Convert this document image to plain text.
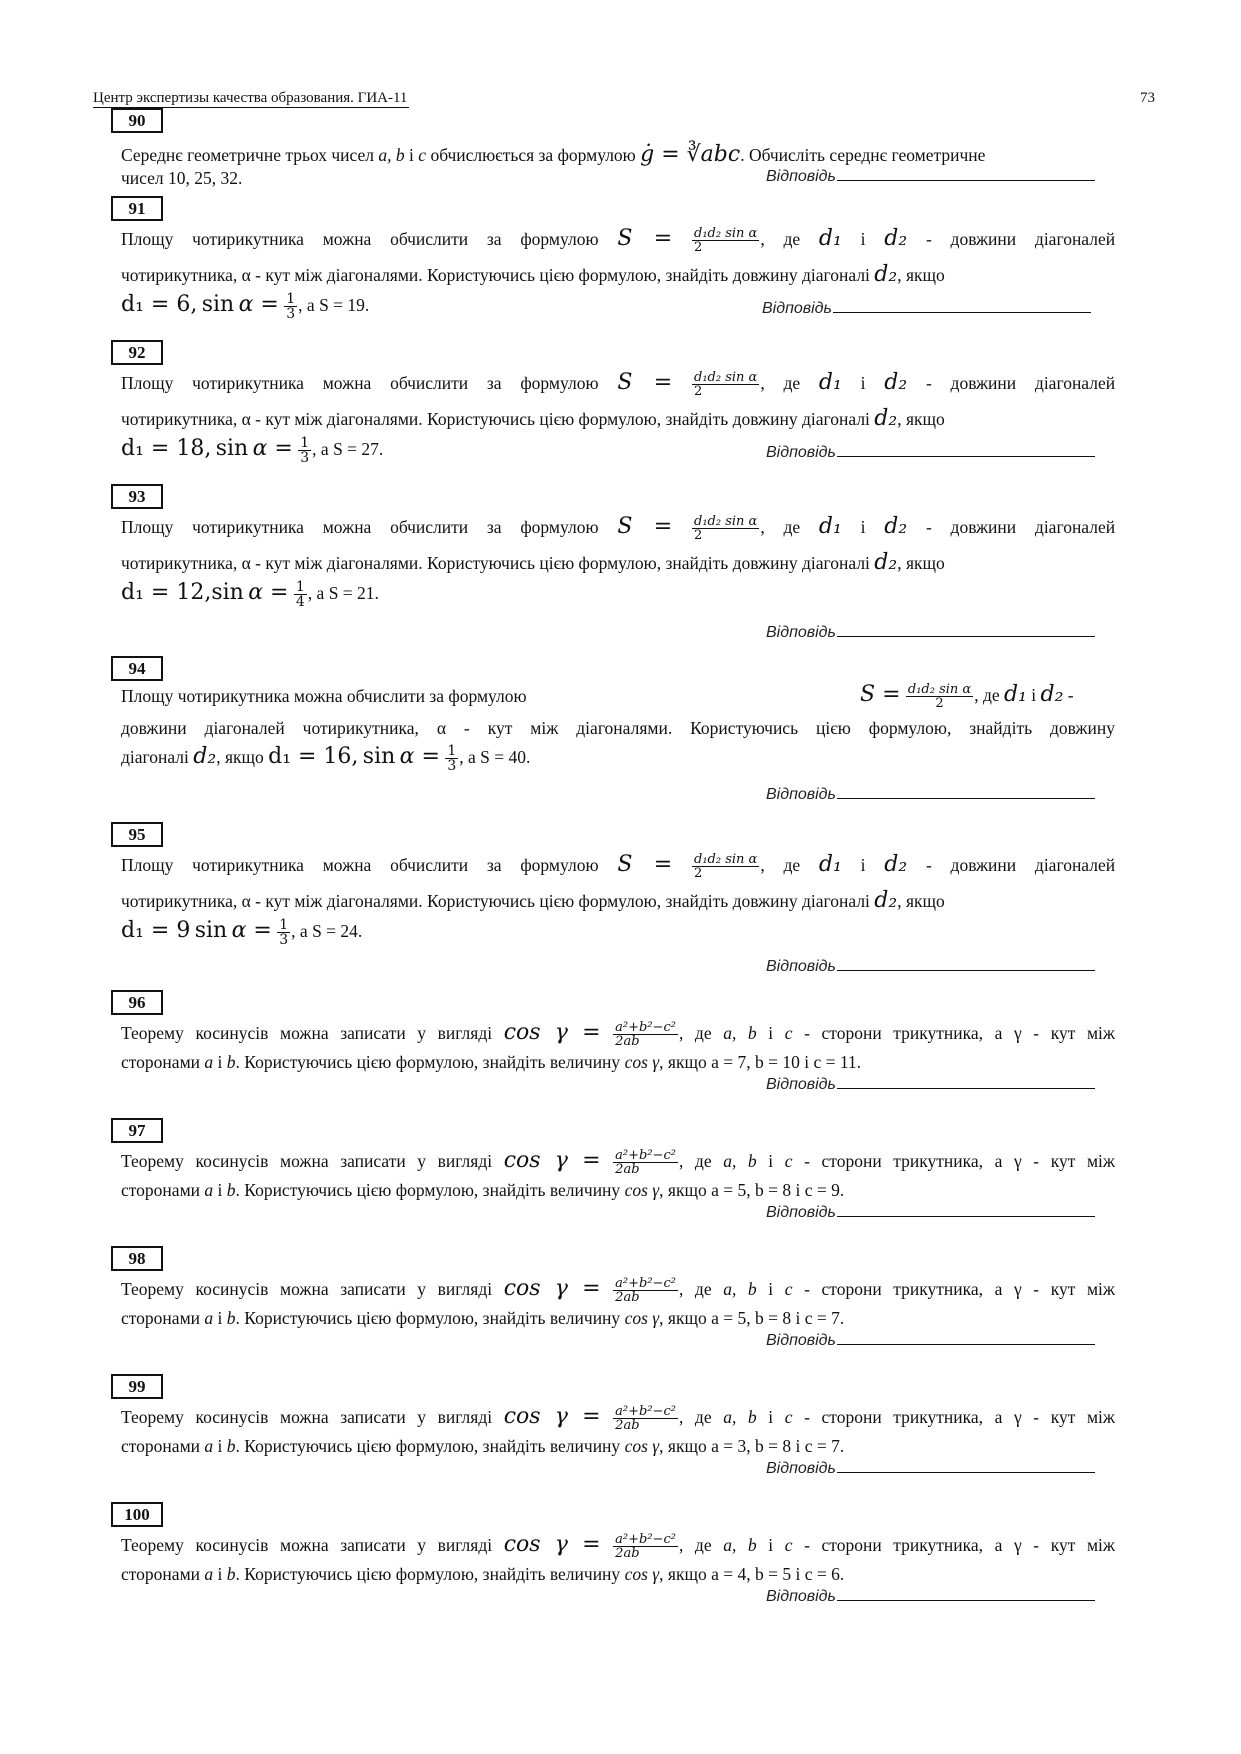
Центр экспертизы качества образования. ГИА-11	73
90
Середнє геометричне трьох чисел a, b і c обчислюється за формулою ġ = ∛abc. Обчисліть середнє геометричне
чисел 10, 25, 32.	Відповідь
91
Площу чотирикутника можна обчислити за формулою $S = \frac{\text{d₁d₂ sin α}}{2}$ , де d₁ і d₂ - довжини діагоналей
чотирикутника, α - кут між діагоналями. Користуючись цією формулою, знайдіть довжину діагоналі d₂, якщо
d₁ = 6, $\sin \alpha = \frac{1}{3}$ , а S = 19.	Відповідь
92
Площу чотирикутника можна обчислити за формулою $S = \frac{\text{d₁d₂ sin α}}{2}$ , де d₁ і d₂ - довжини діагоналей
чотирикутника, α - кут між діагоналями. Користуючись цією формулою, знайдіть довжину діагоналі d₂, якщо
d₁ = 18, $\sin \alpha = \frac{1}{3}$ , а S = 27.	Відповідь
93
Площу чотирикутника можна обчислити за формулою $S = \frac{\text{d₁d₂ sin α}}{2}$ , де d₁ і d₂ - довжини діагоналей
чотирикутника, α - кут між діагоналями. Користуючись цією формулою, знайдіть довжину діагоналі d₂, якщо
d₁ = 12,sin $\alpha = \frac{1}{4}$ , а S = 21.
Відповідь
94
Площу чотирикутника можна обчислити за формулою	$S = \frac{\text{d₁d₂ sin α}}{2}$ , де d₁ і d₂ -
довжини діагоналей чотирикутника, α - кут між діагоналями. Користуючись цією формулою, знайдіть довжину
діагоналі d₂, якщо d₁ = 16, $\sin \alpha = \frac{1}{3}$ , а S = 40.
Відповідь
95
Площу чотирикутника можна обчислити за формулою $S = \frac{\text{d₁d₂ sin α}}{2}$ , де d₁ і d₂ - довжини діагоналей
чотирикутника, α - кут між діагоналями. Користуючись цією формулою, знайдіть довжину діагоналі d₂, якщо
d₁ = 9 $\sin \alpha = \frac{1}{3}$ , а S = 24.
Відповідь
96
Теорему косинусів можна записати у вигляді $\cos \gamma = \frac{\text{a²+b²−c²}}{2ab}$ , де a, b і c - сторони трикутника, а γ - кут між
сторонами a і b. Користуючись цією формулою, знайдіть величину cos γ, якщо a = 7, b = 10 і c = 11.
Відповідь
97
Теорему косинусів можна записати у вигляді $\cos \gamma = \frac{\text{a²+b²−c²}}{2ab}$ , де a, b і c - сторони трикутника, а γ - кут між
сторонами a і b. Користуючись цією формулою, знайдіть величину cos γ, якщо a = 5, b = 8 і c = 9.
Відповідь
98
Теорему косинусів можна записати у вигляді $\cos \gamma = \frac{\text{a²+b²−c²}}{2ab}$ , де a, b і c - сторони трикутника, а γ - кут між
сторонами a і b. Користуючись цією формулою, знайдіть величину cos γ, якщо a = 5, b = 8 і c = 7.
Відповідь
99
Теорему косинусів можна записати у вигляді $\cos \gamma = \frac{\text{a²+b²−c²}}{2ab}$ , де a, b і c - сторони трикутника, а γ - кут між
сторонами a і b. Користуючись цією формулою, знайдіть величину cos γ, якщо a = 3, b = 8 і c = 7.
Відповідь
100
Теорему косинусів можна записати у вигляді $\cos \gamma = \frac{\text{a²+b²−c²}}{2ab}$ , де a, b і c - сторони трикутника, а γ - кут між
сторонами a і b. Користуючись цією формулою, знайдіть величину cos γ, якщо a = 4, b = 5 і c = 6.
Відповідь
